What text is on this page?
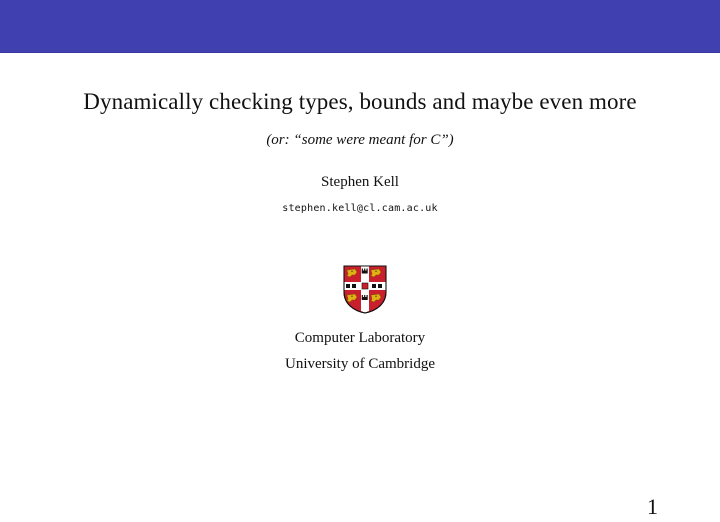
Dynamically checking types, bounds and maybe even more
(or: “some were meant for C”)
Stephen Kell
stephen.kell@cl.cam.ac.uk
Computer Laboratory
University of Cambridge
1
